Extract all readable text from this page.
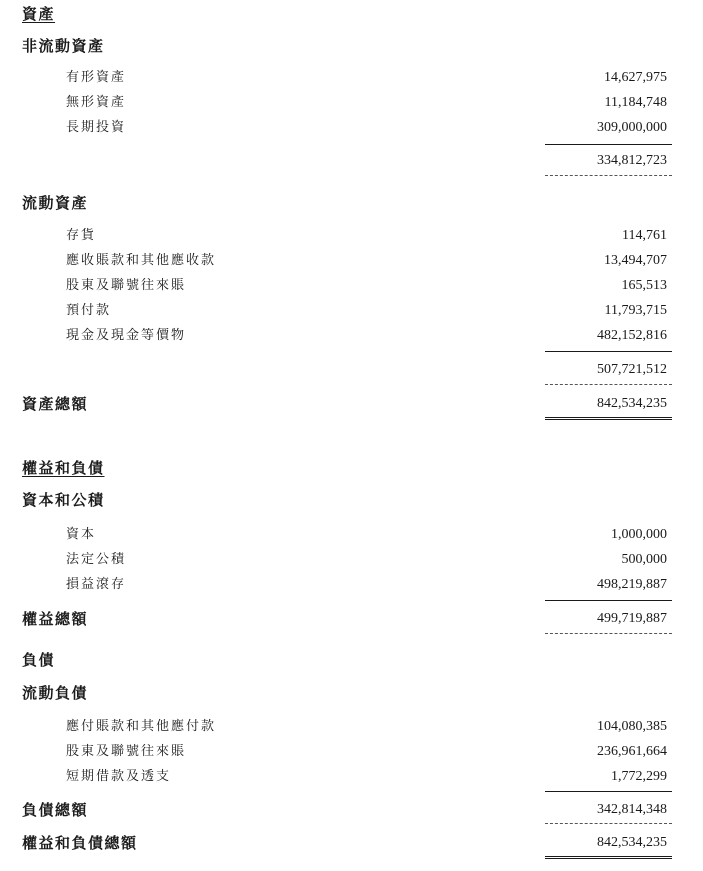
資產
非流動資產
有形資產	14,627,975
無形資產	11,184,748
長期投資	309,000,000
334,812,723
流動資產
存貨	114,761
應收賬款和其他應收款	13,494,707
股東及聯號往來賬	165,513
預付款	11,793,715
現金及現金等價物	482,152,816
507,721,512
資產總額	842,534,235
權益和負債
資本和公積
資本	1,000,000
法定公積	500,000
損益滾存	498,219,887
權益總額	499,719,887
負債
流動負債
應付賬款和其他應付款	104,080,385
股東及聯號往來賬	236,961,664
短期借款及透支	1,772,299
負債總額	342,814,348
權益和負債總額	842,534,235
